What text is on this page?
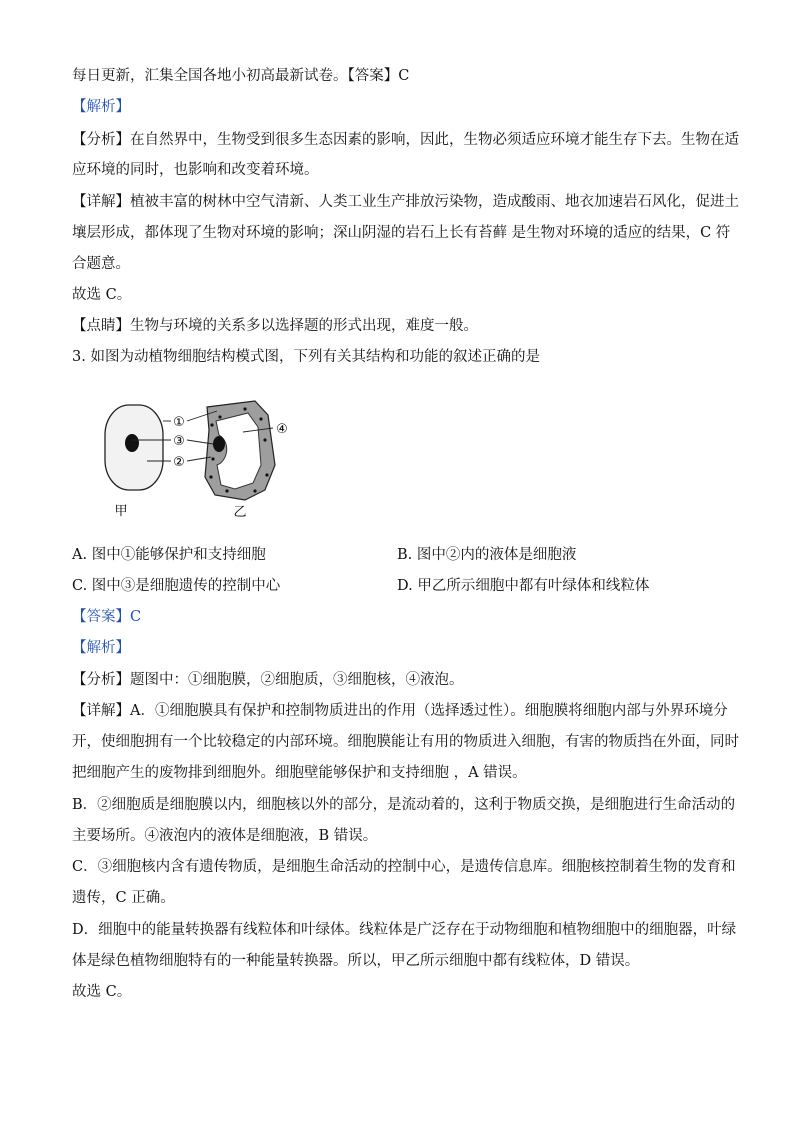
每日更新，汇集全国各地小初高最新试卷。【答案】C
【解析】
【分析】在自然界中，生物受到很多生态因素的影响，因此，生物必须适应环境才能生存下去。生物在适
应环境的同时，也影响和改变着环境。
【详解】植被丰富的树林中空气清新、人类工业生产排放污染物，造成酸雨、地衣加速岩石风化，促进土
壤层形成，都体现了生物对环境的影响；深山阴湿的岩石上长有苔藓 是生物对环境的适应的结果，C 符
合题意。
故选 C。
【点睛】生物与环境的关系多以选择题的形式出现，难度一般。
3. 如图为动植物细胞结构模式图，下列有关其结构和功能的叙述正确的是
①
③
②
④
甲	乙
A. 图中①能够保护和支持细胞	B. 图中②内的液体是细胞液
C. 图中③是细胞遗传的控制中心	D. 甲乙所示细胞中都有叶绿体和线粒体
【答案】C
【解析】
【分析】题图中：①细胞膜，②细胞质，③细胞核，④液泡。
【详解】A．①细胞膜具有保护和控制物质进出的作用（选择透过性）。细胞膜将细胞内部与外界环境分
开，使细胞拥有一个比较稳定的内部环境。细胞膜能让有用的物质进入细胞，有害的物质挡在外面，同时
把细胞产生的废物排到细胞外。细胞壁能够保护和支持细胞 ，A 错误。
B．②细胞质是细胞膜以内，细胞核以外的部分，是流动着的，这利于物质交换，是细胞进行生命活动的
主要场所。④液泡内的液体是细胞液，B 错误。
C．③细胞核内含有遗传物质，是细胞生命活动的控制中心，是遗传信息库。细胞核控制着生物的发育和
遗传，C 正确。
D．细胞中的能量转换器有线粒体和叶绿体。线粒体是广泛存在于动物细胞和植物细胞中的细胞器，叶绿
体是绿色植物细胞特有的一种能量转换器。所以，甲乙所示细胞中都有线粒体，D 错误。
故选 C。
